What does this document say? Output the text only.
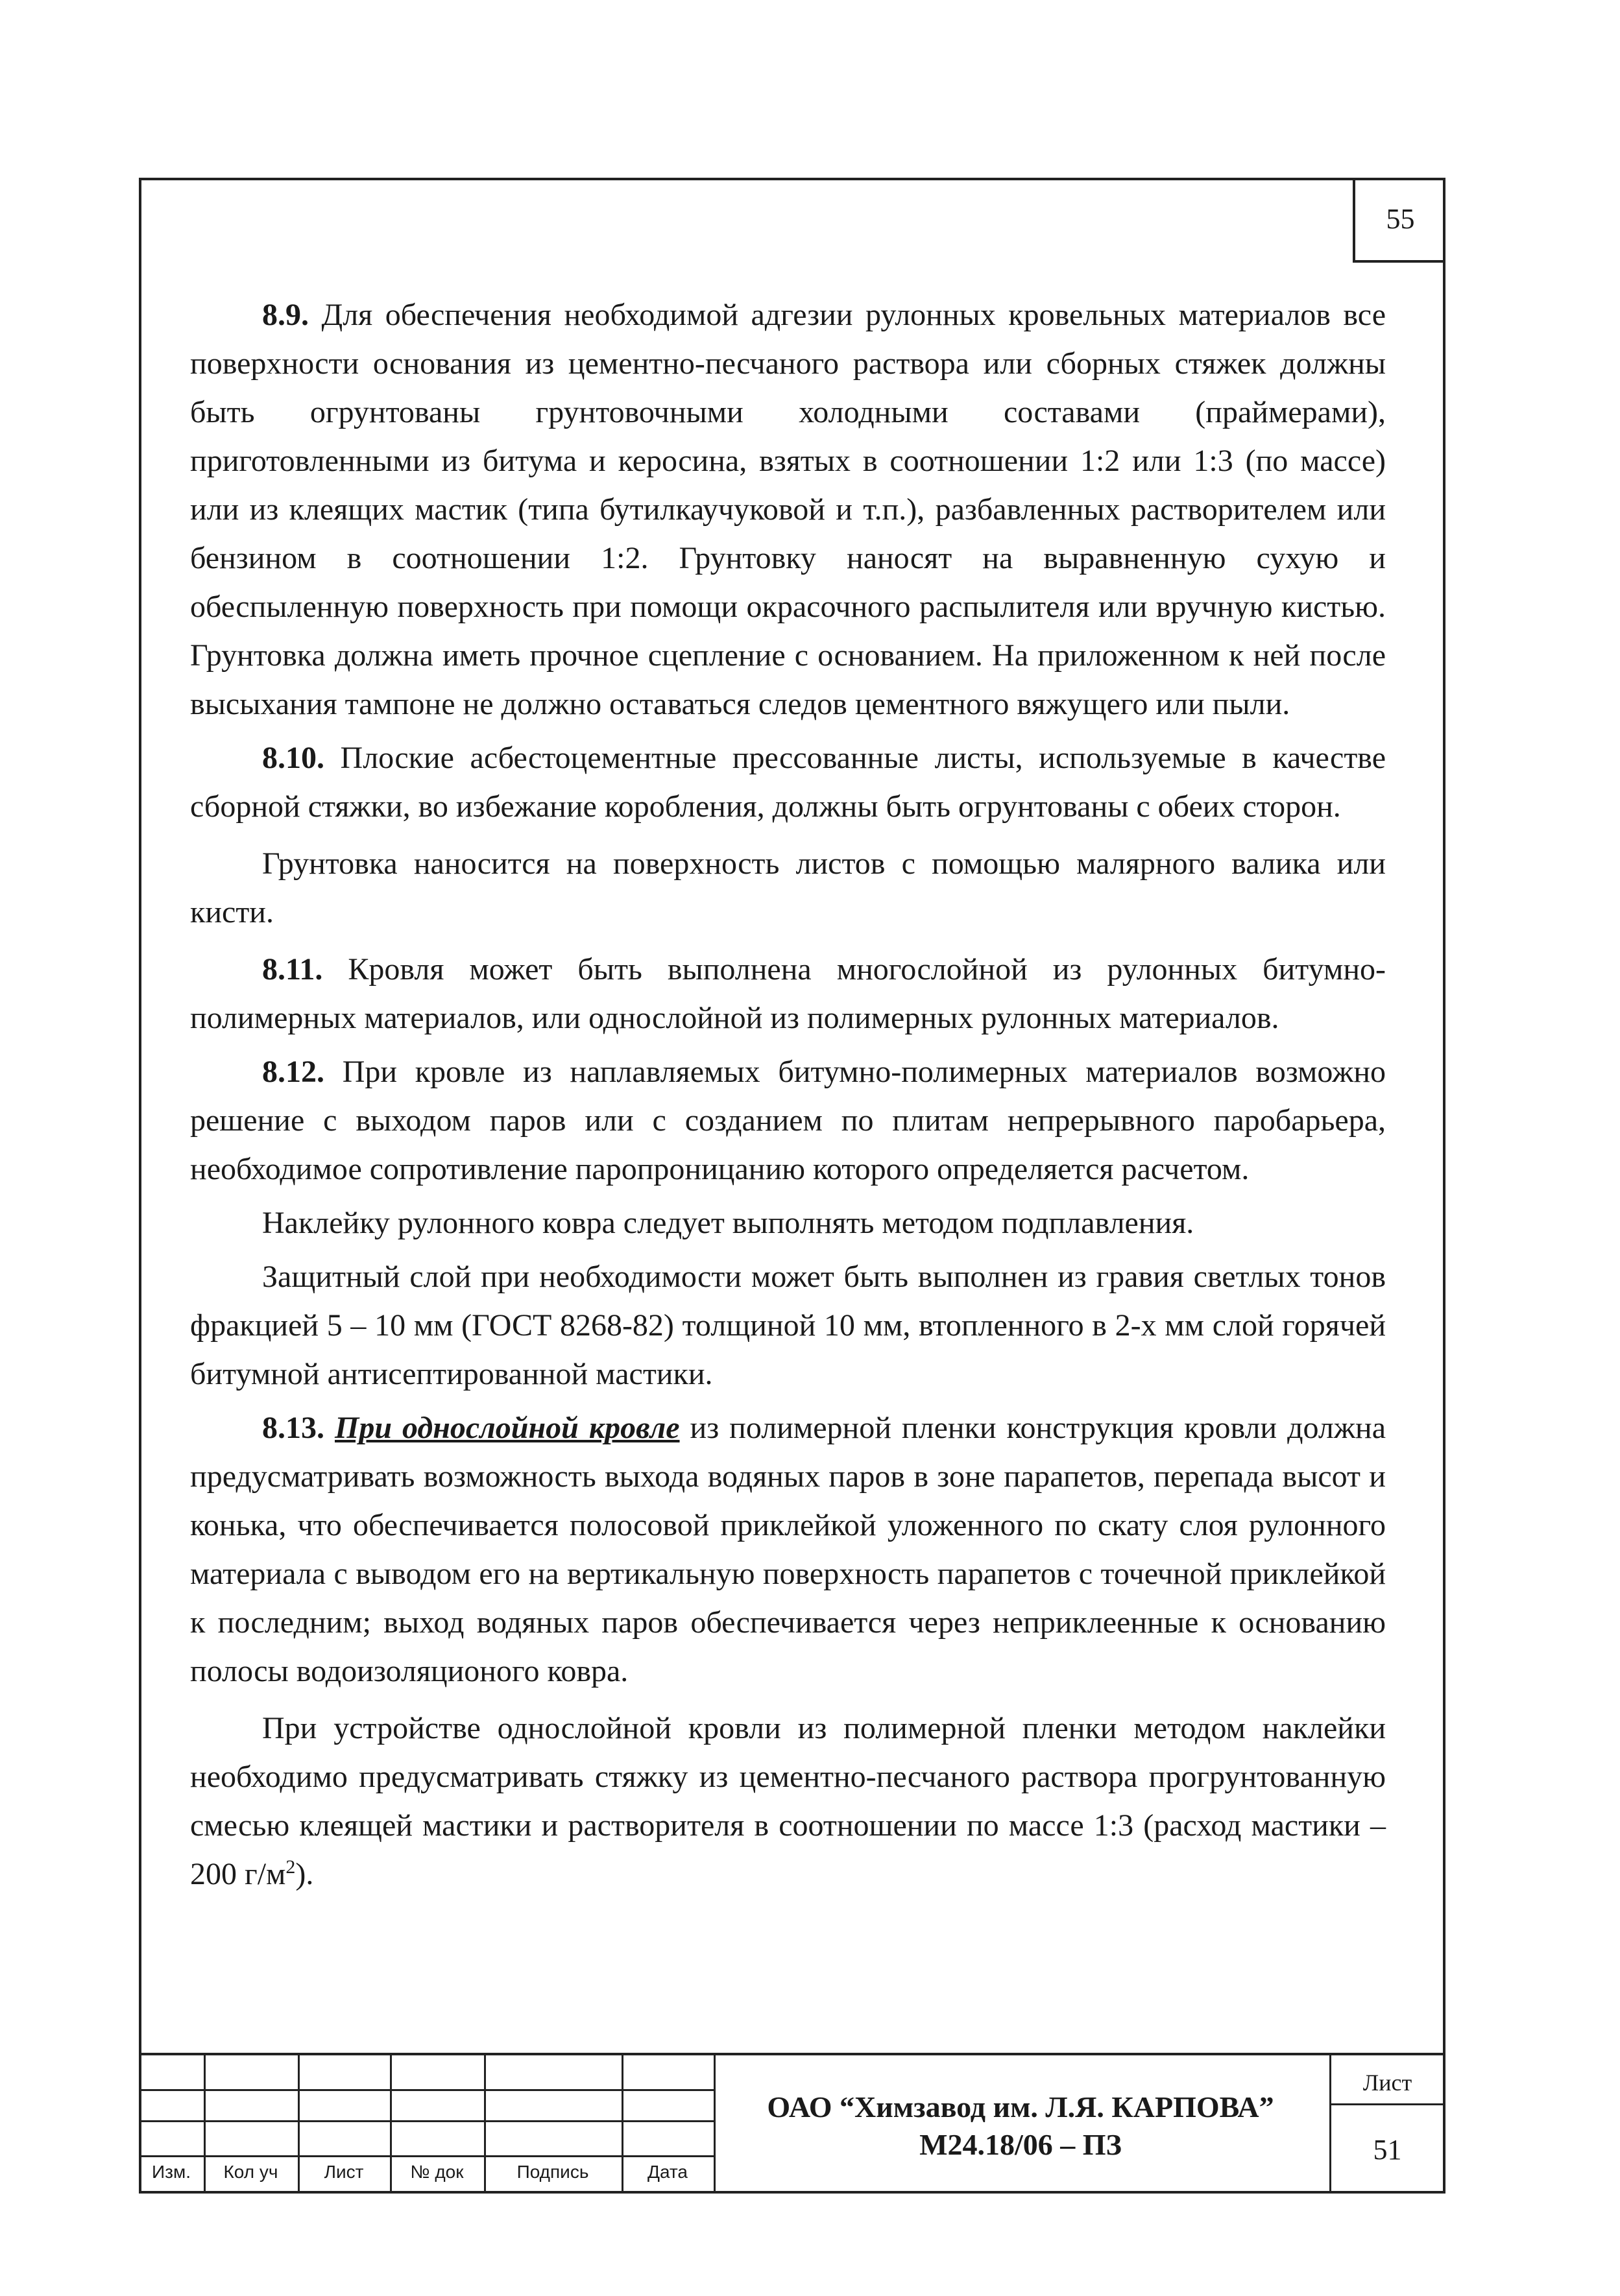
55

8.9. Для обеспечения необходимой адгезии рулонных кровельных материалов все поверхности основания из цементно-песчаного раствора или сборных стяжек должны быть огрунтованы грунтовочными холодными составами (праймерами), приготовленными из битума и керосина, взятых в соотношении 1:2 или 1:3 (по массе) или из клеящих мастик (типа бутилкаучуковой и т.п.), разбавленных растворителем или бензином в соотношении 1:2. Грунтовку наносят на выравненную сухую и обеспыленную поверхность при помощи окрасочного распылителя или вручную кистью. Грунтовка должна иметь прочное сцепление с основанием. На приложенном к ней после высыхания тампоне не должно оставаться следов цементного вяжущего или пыли.

8.10. Плоские асбестоцементные прессованные листы, используемые в качестве сборной стяжки, во избежание коробления, должны быть огрунтованы с обеих сторон.

Грунтовка наносится на поверхность листов с помощью малярного валика или кисти.

8.11. Кровля может быть выполнена многослойной из рулонных битумно-полимерных материалов, или однослойной из полимерных рулонных материалов.

8.12. При кровле из наплавляемых битумно-полимерных материалов возможно решение с выходом паров или с созданием по плитам непрерывного паробарьера, необходимое сопротивление паропроницанию которого определяется расчетом.

Наклейку рулонного ковра следует выполнять методом подплавления.

Защитный слой при необходимости может быть выполнен из гравия светлых тонов фракцией 5 – 10 мм (ГОСТ 8268-82) толщиной 10 мм, втопленного в 2-х мм слой горячей битумной антисептированной мастики.

8.13. При однослойной кровле из полимерной пленки конструкция кровли должна предусматривать возможность выхода водяных паров в зоне парапетов, перепада высот и конька, что обеспечивается полосовой приклейкой уложенного по скату слоя рулонного материала с выводом его на вертикальную поверхность парапетов с точечной приклейкой к последним; выход водяных паров обеспечивается через неприклеенные к основанию полосы водоизоляционого ковра.

При устройстве однослойной кровли из полимерной пленки методом наклейки необходимо предусматривать стяжку из цементно-песчаного раствора прогрунтованную смесью клеящей мастики и растворителя в соотношении по массе 1:3 (расход мастики – 200 $г/м^2$).

Изм.	Кол уч	Лист	№ док	Подпись	Дата
ОАО “Химзавод им. Л.Я. КАРПОВА”
М24.18/06 – ПЗ
Лист
51
